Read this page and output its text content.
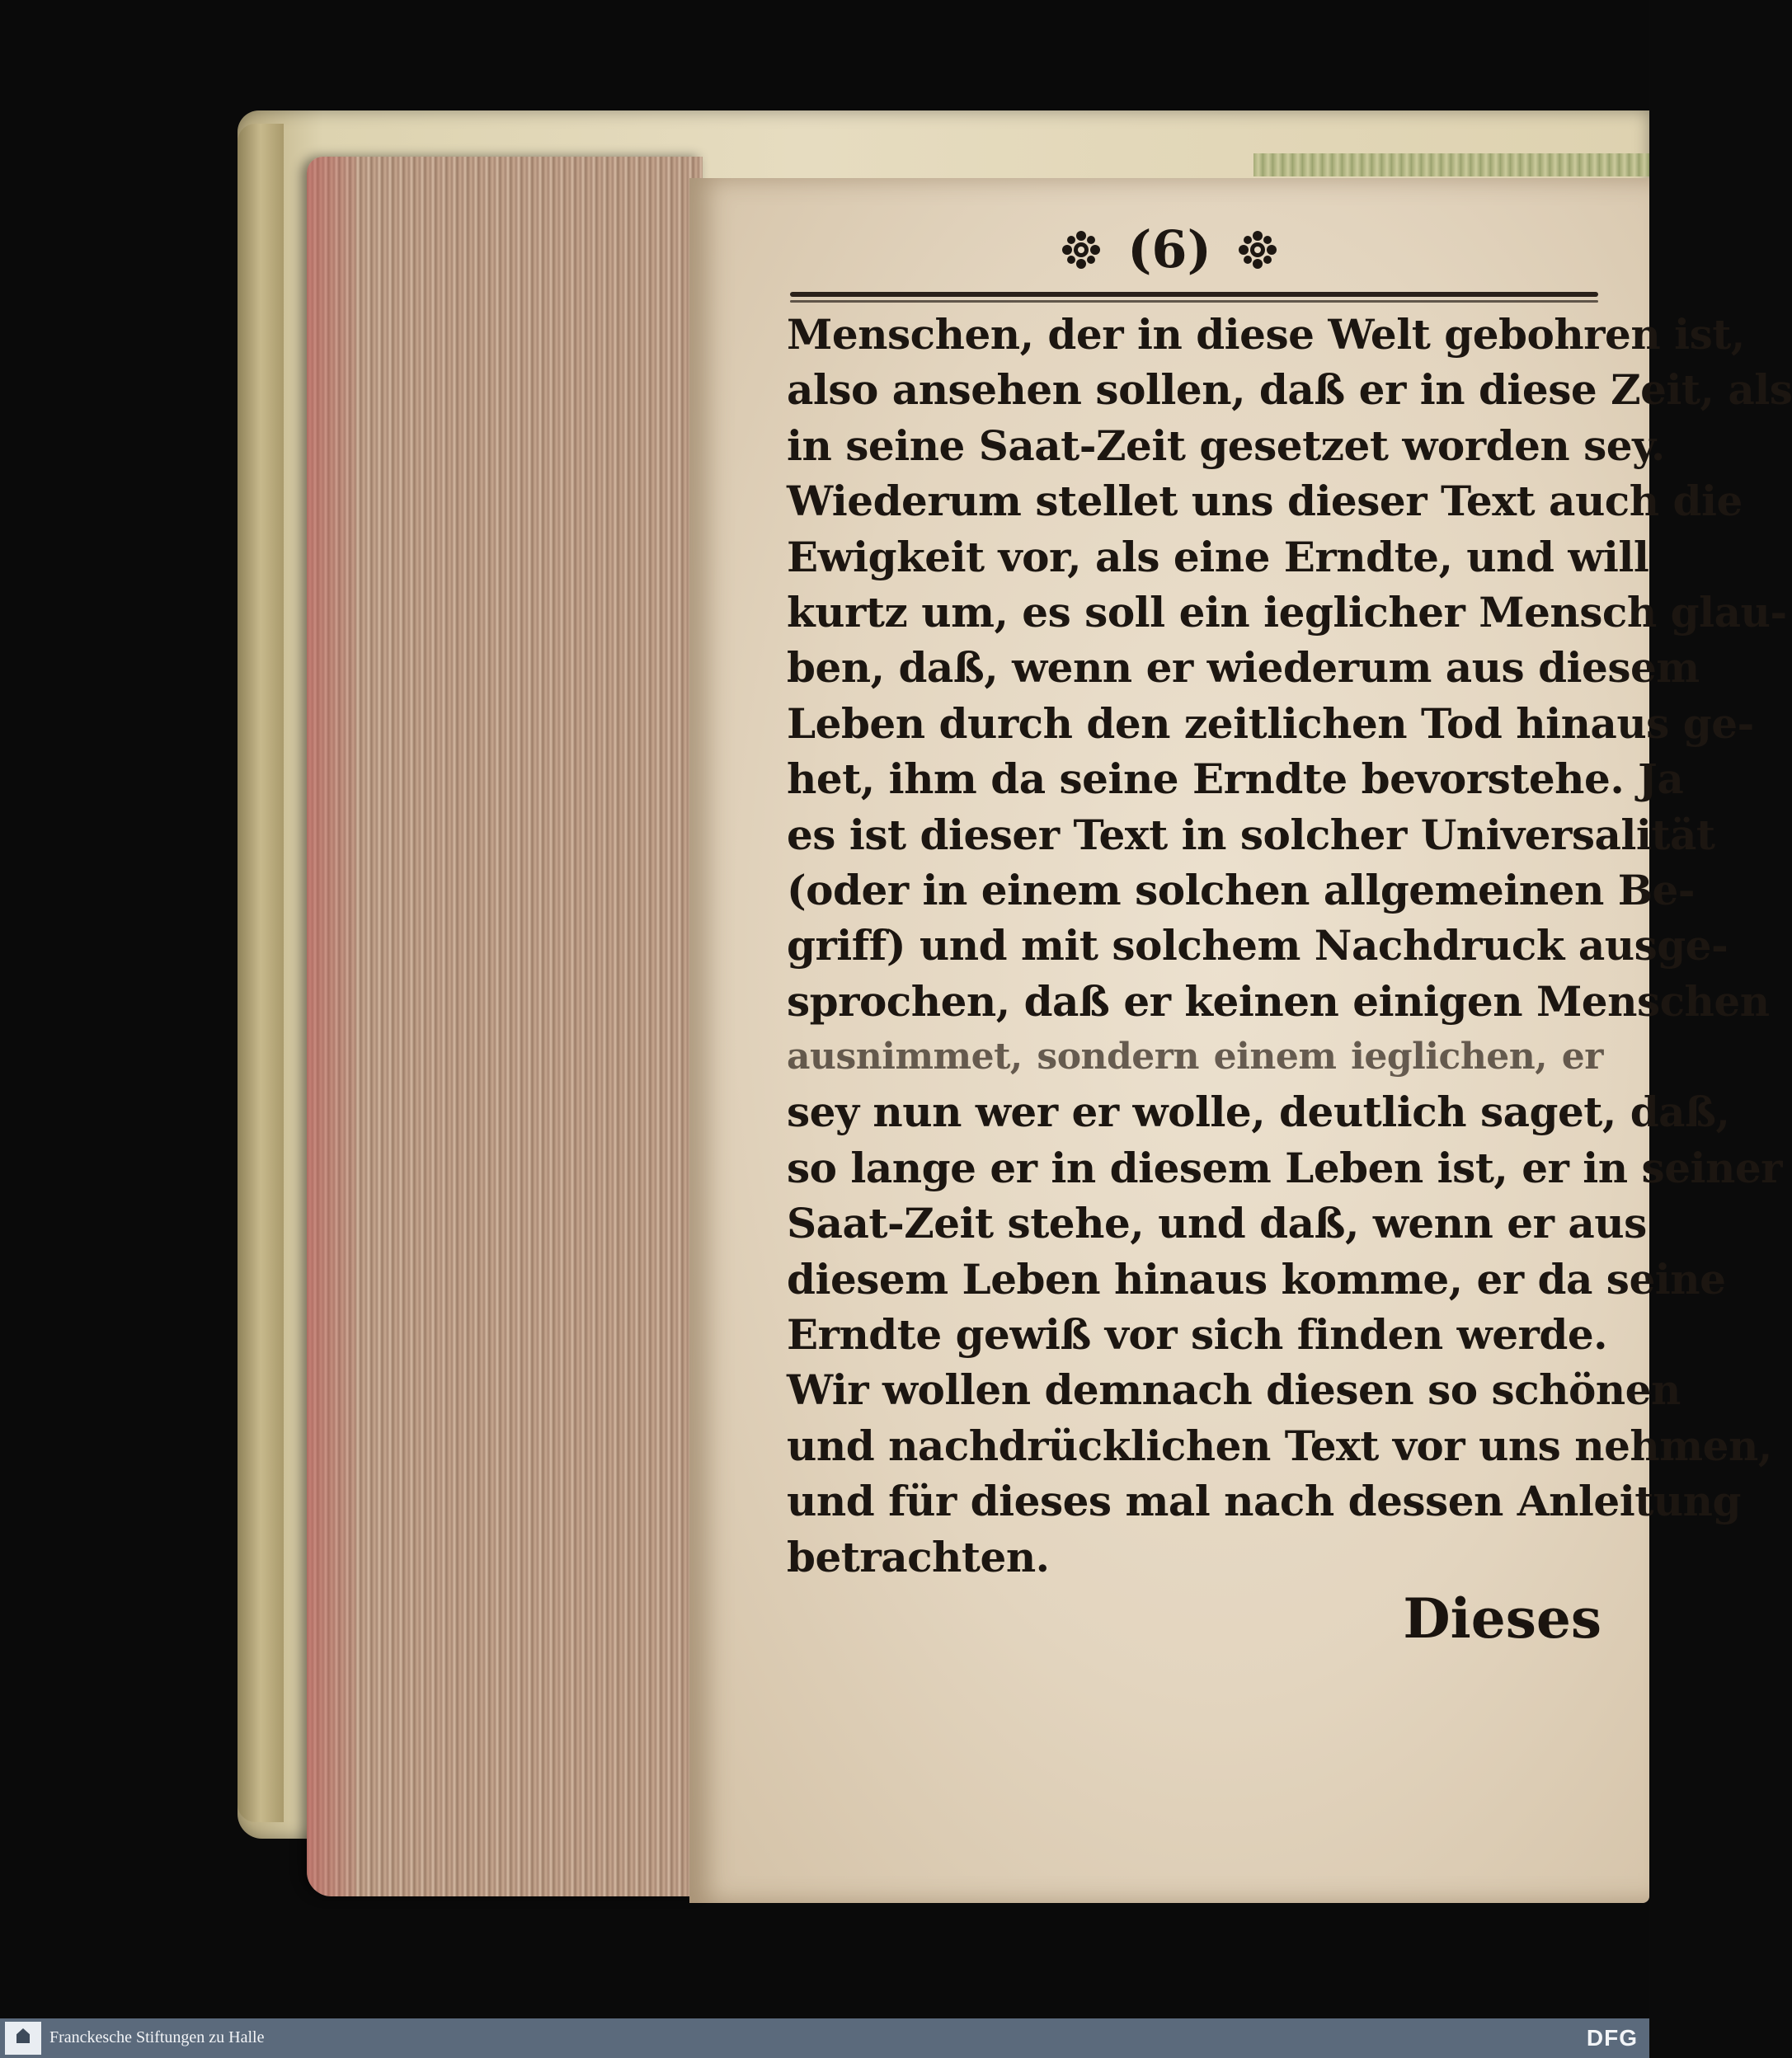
(6)
Menschen, der in diese Welt gebohren ist,
also ansehen sollen, daß er in diese Zeit, als
in seine Saat-Zeit gesetzet worden sey.
Wiederum stellet uns dieser Text auch die
Ewigkeit vor, als eine Erndte, und will
kurtz um, es soll ein ieglicher Mensch glau-
ben, daß, wenn er wiederum aus diesem
Leben durch den zeitlichen Tod hinaus ge-
het, ihm da seine Erndte bevorstehe. Ja
es ist dieser Text in solcher Universalität
(oder in einem solchen allgemeinen Be-
griff) und mit solchem Nachdruck ausge-
sprochen, daß er keinen einigen Menschen
ausnimmet, sondern einem ieglichen, er
sey nun wer er wolle, deutlich saget, daß,
so lange er in diesem Leben ist, er in seiner
Saat-Zeit stehe, und daß, wenn er aus
diesem Leben hinaus komme, er da seine
Erndte gewiß vor sich finden werde.
Wir wollen demnach diesen so schönen
und nachdrücklichen Text vor uns nehmen,
und für dieses mal nach dessen Anleitung
betrachten.
Dieses
Franckesche Stiftungen zu Halle	DFG
